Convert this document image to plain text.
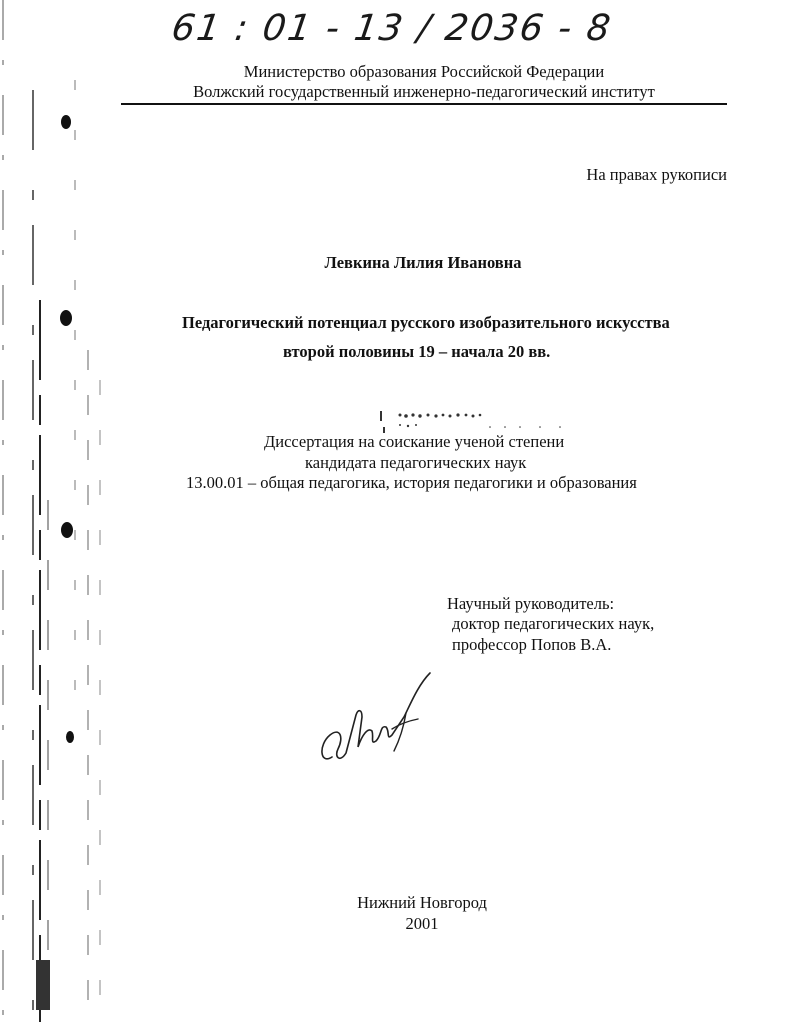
61 : 01 - 13 / 2036 - 8
Министерство образования Российской Федерации
Волжский государственный инженерно-педагогический институт
На правах рукописи
Левкина Лилия Ивановна
Педагогический потенциал русского изобразительного искусства
второй половины 19 – начала 20 вв.
Диссертация на соискание ученой степени
кандидата педагогических наук
13.00.01 – общая педагогика, история педагогики и образования
Научный руководитель:
доктор педагогических наук,
профессор Попов В.А.
Нижний Новгород
2001
